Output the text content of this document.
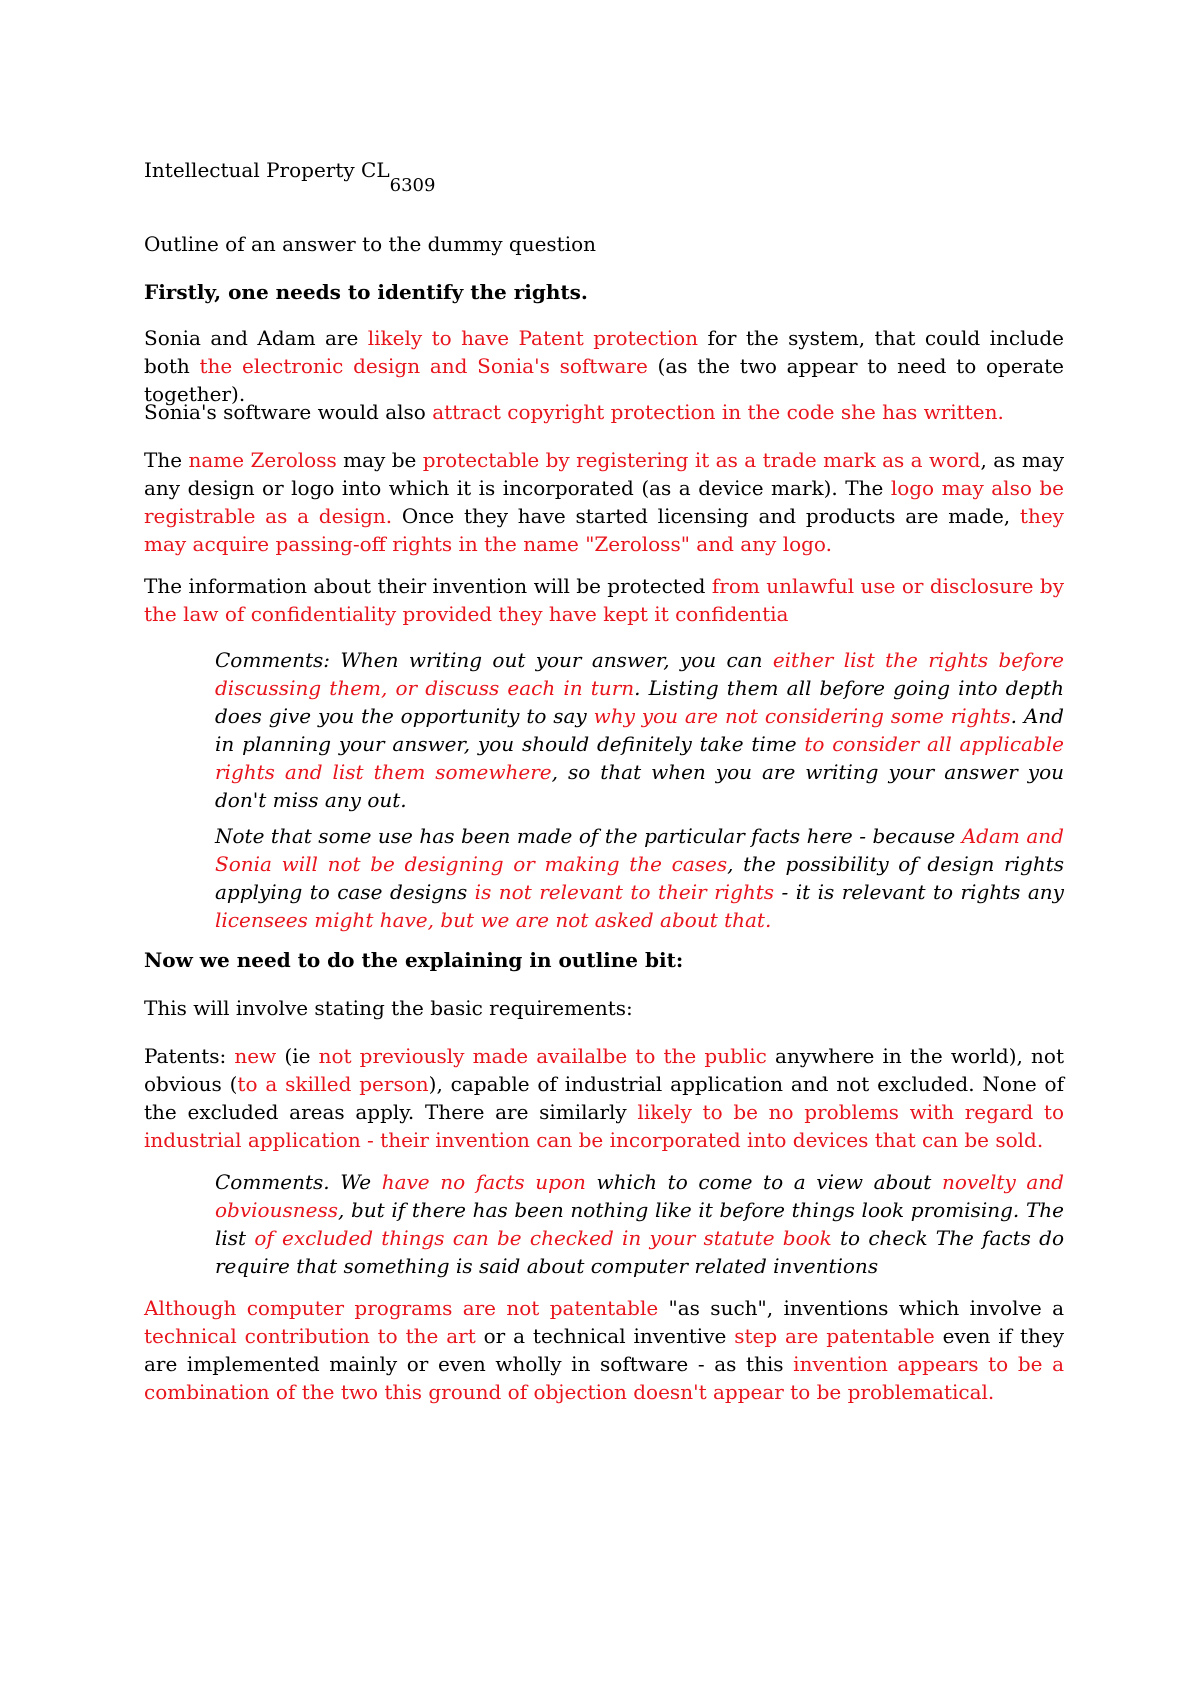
Intellectual Property $CL_{6309}$

Outline of an answer to the dummy question

Firstly, one needs to identify the rights.

Sonia and Adam are likely to have Patent protection for the system, that could include both the electronic design and Sonia's software (as the two appear to need to operate together).

Sonia's software would also attract copyright protection in the code she has written.

The name Zeroloss may be protectable by registering it as a trade mark as a word, as may any design or logo into which it is incorporated (as a device mark). The logo may also be registrable as a design. Once they have started licensing and products are made, they may acquire passing-off rights in the name "Zeroloss" and any logo.

The information about their invention will be protected from unlawful use or disclosure by the law of confidentiality provided they have kept it confidentia

Comments: When writing out your answer, you can either list the rights before discussing them, or discuss each in turn. Listing them all before going into depth does give you the opportunity to say why you are not considering some rights. And in planning your answer, you should definitely take time to consider all applicable rights and list them somewhere, so that when you are writing your answer you don't miss any out.

Note that some use has been made of the particular facts here - because Adam and Sonia will not be designing or making the cases, the possibility of design rights applying to case designs is not relevant to their rights - it is relevant to rights any licensees might have, but we are not asked about that.

Now we need to do the explaining in outline bit:

This will involve stating the basic requirements:

Patents: new (ie not previously made availalbe to the public anywhere in the world), not obvious (to a skilled person), capable of industrial application and not excluded. None of the excluded areas apply. There are similarly likely to be no problems with regard to industrial application - their invention can be incorporated into devices that can be sold.

Comments. We have no facts upon which to come to a view about novelty and obviousness, but if there has been nothing like it before things look promising. The list of excluded things can be checked in your statute book to check The facts do require that something is said about computer related inventions

Although computer programs are not patentable "as such", inventions which involve a technical contribution to the art or a technical inventive step are patentable even if they are implemented mainly or even wholly in software - as this invention appears to be a combination of the two this ground of objection doesn't appear to be problematical.
